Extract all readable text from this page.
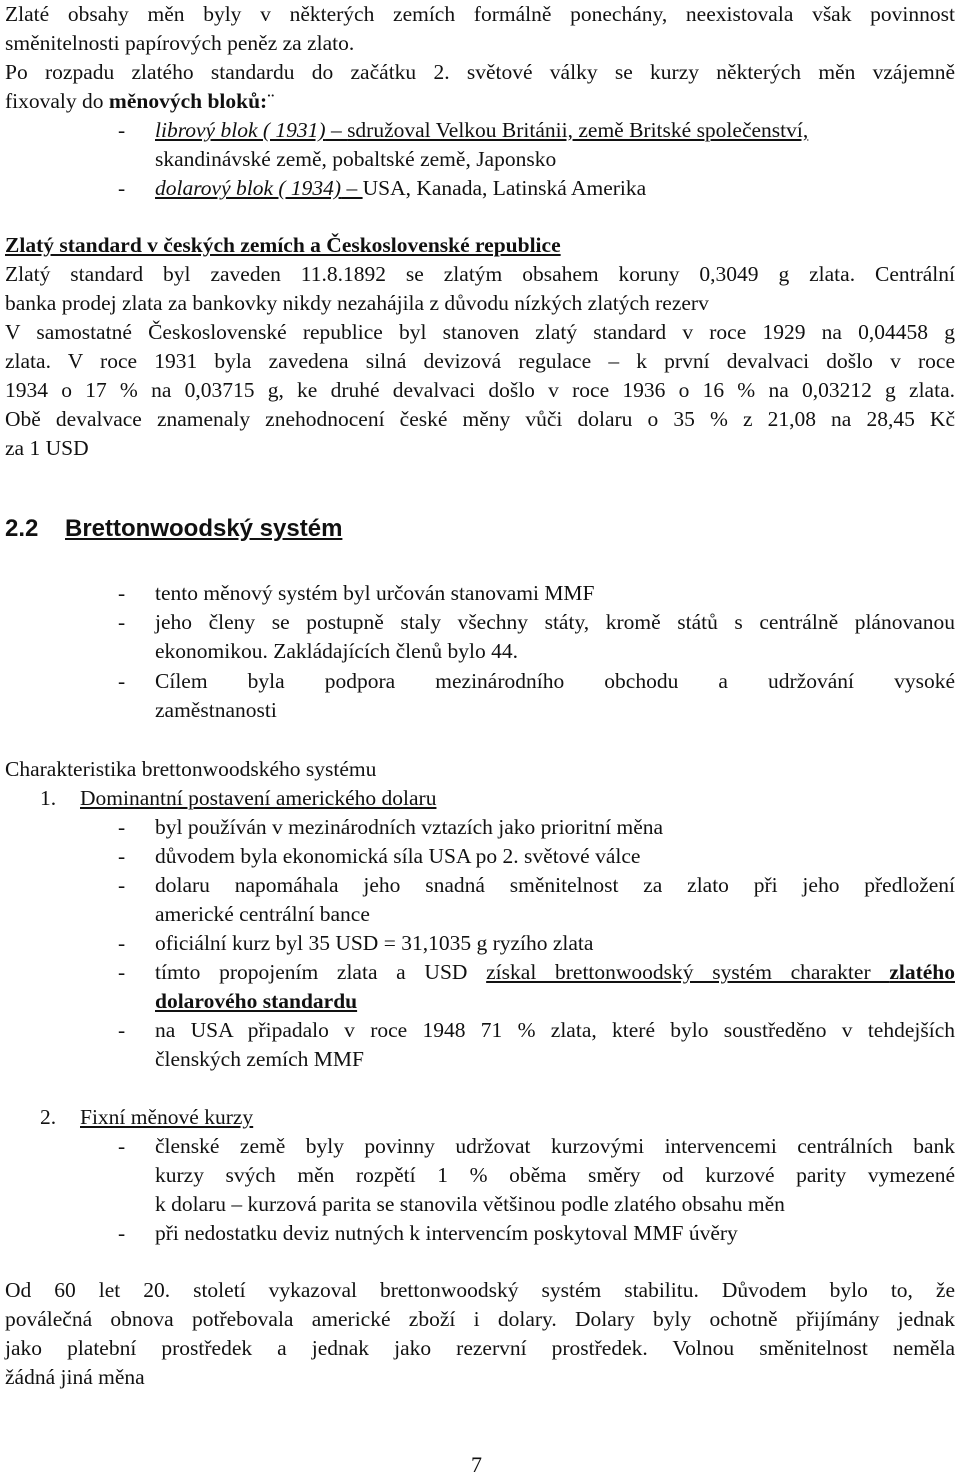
Zlaté obsahy měn byly v některých zemích formálně ponechány, neexistovala však povinnost
směnitelnosti papírových peněz za zlato.
Po rozpadu zlatého standardu do začátku 2. světové války se kurzy některých měn vzájemně
fixovaly do měnových bloků:¨
- librový blok ( 1931) – sdružoval Velkou Británii, země Britské společenství,
skandinávské země, pobaltské země, Japonsko
- dolarový blok ( 1934) – USA, Kanada, Latinská Amerika
Zlatý standard v českých zemích a Československé republice
Zlatý standard byl zaveden 11.8.1892 se zlatým obsahem koruny 0,3049 g zlata. Centrální
banka prodej zlata za bankovky nikdy nezahájila z důvodu nízkých zlatých rezerv
V samostatné Československé republice byl stanoven zlatý standard v roce 1929 na 0,04458 g
zlata. V roce 1931 byla zavedena silná devizová regulace – k první devalvaci došlo v roce
1934 o 17 % na 0,03715 g, ke druhé devalvaci došlo v roce 1936 o 16 % na 0,03212 g zlata.
Obě devalvace znamenaly znehodnocení české měny vůči dolaru o 35 % z 21,08 na 28,45 Kč
za 1 USD
2.2 Brettonwoodský systém
- tento měnový systém byl určován stanovami MMF
- jeho členy se postupně staly všechny státy, kromě států s centrálně plánovanou
ekonomikou. Zakládajících členů bylo 44.
- Cílem byla podpora mezinárodního obchodu a udržování vysoké
zaměstnanosti
Charakteristika brettonwoodského systému
1. Dominantní postavení amerického dolaru
- byl používán v mezinárodních vztazích jako prioritní měna
- důvodem byla ekonomická síla USA po 2. světové válce
- dolaru napomáhala jeho snadná směnitelnost za zlato při jeho předložení
americké centrální bance
- oficiální kurz byl 35 USD = 31,1035 g ryzího zlata
- tímto propojením zlata a USD získal brettonwoodský systém charakter zlatého
dolarového standardu
- na USA připadalo v roce 1948 71 % zlata, které bylo soustředěno v tehdejších
členských zemích MMF
2. Fixní měnové kurzy
- členské země byly povinny udržovat kurzovými intervencemi centrálních bank
kurzy svých měn rozpětí 1 % oběma směry od kurzové parity vymezené
k dolaru – kurzová parita se stanovila většinou podle zlatého obsahu měn
- při nedostatku deviz nutných k intervencím poskytoval MMF úvěry
Od 60 let 20. století vykazoval brettonwoodský systém stabilitu. Důvodem bylo to, že
poválečná obnova potřebovala americké zboží i dolary. Dolary byly ochotně přijímány jednak
jako platební prostředek a jednak jako rezervní prostředek. Volnou směnitelnost neměla
žádná jiná měna
7
